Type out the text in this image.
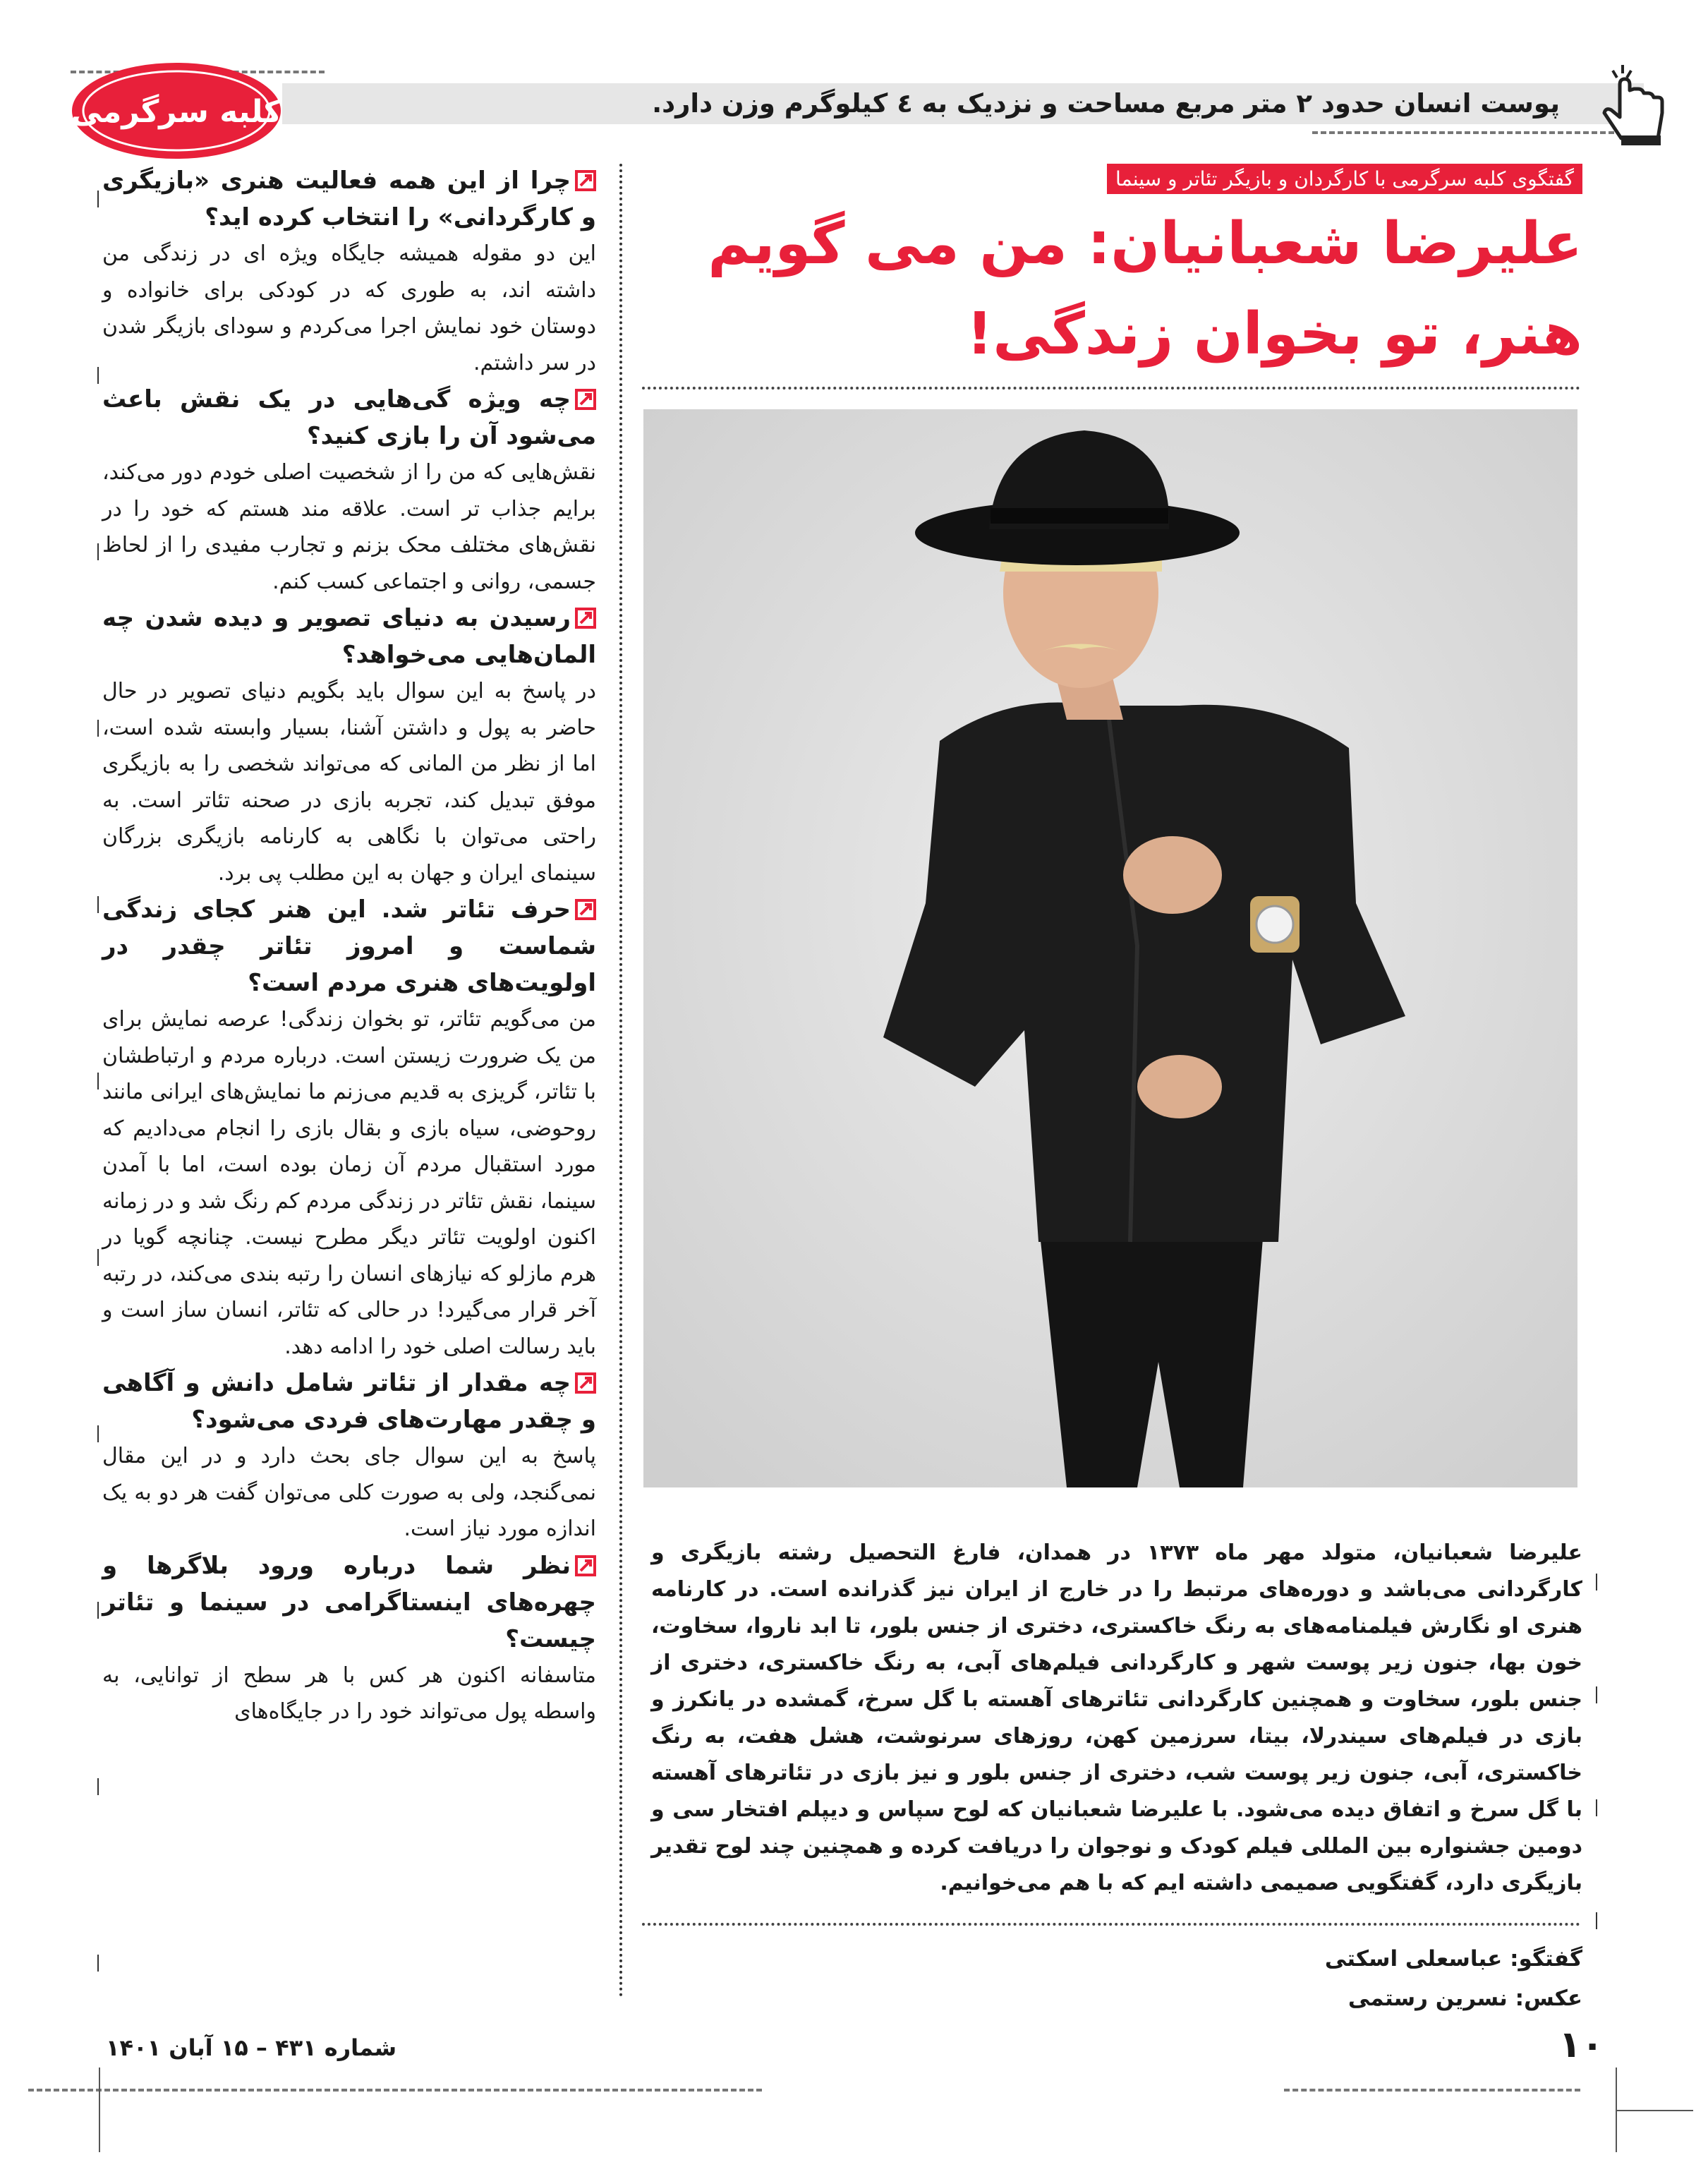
پوست انسان حدود ۲ متر مربع مساحت و نزدیک به ٤ کیلوگرم وزن دارد.
کلبه سرگرمی
گفتگوی کلبه سرگرمی با کارگردان و بازیگر تئاتر و سینما
علیرضا شعبانیان: من می گویم
هنر، تو بخوان زندگی!
علیرضا شعبانیان، متولد مهر ماه ۱۳۷۳ در همدان، فارغ التحصیل رشته بازیگری و کارگردانی می‌باشد و دوره‌های مرتبط را در خارج از ایران نیز گذرانده است. در کارنامه هنری او نگارش فیلمنامه‌های به رنگ خاکستری، دختری از جنس بلور، تا ابد ناروا، سخاوت، خون بها، جنون زیر پوست شهر و کارگردانی فیلم‌های آبی، به رنگ خاکستری، دختری از جنس بلور، سخاوت و همچنین کارگردانی تئاترهای آهسته با گل سرخ، گمشده در یانکرز و بازی در فیلم‌های سیندرلا، بیتا، سرزمین کهن، روزهای سرنوشت، هشل هفت، به رنگ خاکستری، آبی، جنون زیر پوست شب، دختری از جنس بلور و نیز بازی در تئاترهای آهسته با گل سرخ و اتفاق دیده می‌شود. با علیرضا شعبانیان که لوح سپاس و دیپلم افتخار سی و دومین جشنواره بین المللی فیلم کودک و نوجوان را دریافت کرده و همچنین چند لوح تقدیر بازیگری دارد، گفتگویی صمیمی داشته ایم که با هم می‌خوانیم.
گفتگو: عباسعلی اسکتی
عکس: نسرین رستمی
چرا از این همه فعالیت هنری «بازیگری و کارگردانی» را انتخاب کرده اید؟
این دو مقوله همیشه جایگاه ویژه ای در زندگی من داشته اند، به طوری که در کودکی برای خانواده و دوستان خود نمایش اجرا می‌کردم و سودای بازیگر شدن در سر داشتم.
چه ویژه گی‌هایی در یک نقش باعث می‌شود آن را بازی کنید؟
نقش‌هایی که من را از شخصیت اصلی خودم دور می‌کند، برایم جذاب تر است. علاقه مند هستم که خود را در نقش‌های مختلف محک بزنم و تجارب مفیدی را از لحاظ جسمی، روانی و اجتماعی کسب کنم.
رسیدن به دنیای تصویر و دیده شدن چه المان‌هایی می‌خواهد؟
در پاسخ به این سوال باید بگویم دنیای تصویر در حال حاضر به پول و داشتن آشنا، بسیار وابسته شده است، اما از نظر من المانی که می‌تواند شخصی را به بازیگری موفق تبدیل کند، تجربه بازی در صحنه تئاتر است. به راحتی می‌توان با نگاهی به کارنامه بازیگری بزرگان سینمای ایران و جهان به این مطلب پی برد.
حرف تئاتر شد. این هنر کجای زندگی شماست و امروز تئاتر چقدر در اولویت‌های هنری مردم است؟
من می‌گویم تئاتر، تو بخوان زندگی! عرصه نمایش برای من یک ضرورت زیستن است. درباره مردم و ارتباطشان با تئاتر، گریزی به قدیم می‌زنم ما نمایش‌های ایرانی مانند روحوضی، سیاه بازی و بقال بازی را انجام می‌دادیم که مورد استقبال مردم آن زمان بوده است، اما با آمدن سینما، نقش تئاتر در زندگی مردم کم رنگ شد و در زمانه اکنون اولویت تئاتر دیگر مطرح نیست. چنانچه گویا در هرم مازلو که نیازهای انسان را رتبه بندی می‌کند، در رتبه آخر قرار می‌گیرد! در حالی که تئاتر، انسان ساز است و باید رسالت اصلی خود را ادامه دهد.
چه مقدار از تئاتر شامل دانش و آگاهی و چقدر مهارت‌های فردی می‌شود؟
پاسخ به این سوال جای بحث دارد و در این مقال نمی‌گنجد، ولی به صورت کلی می‌توان گفت هر دو به یک اندازه مورد نیاز است.
نظر شما درباره ورود بلاگرها و چهره‌های اینستاگرامی در سینما و تئاتر چیست؟
متاسفانه اکنون هر کس با هر سطح از توانایی، به واسطه پول می‌تواند خود را در جایگاه‌های
شماره ۴۳۱ – ۱۵ آبان ۱۴۰۱	۱۰
